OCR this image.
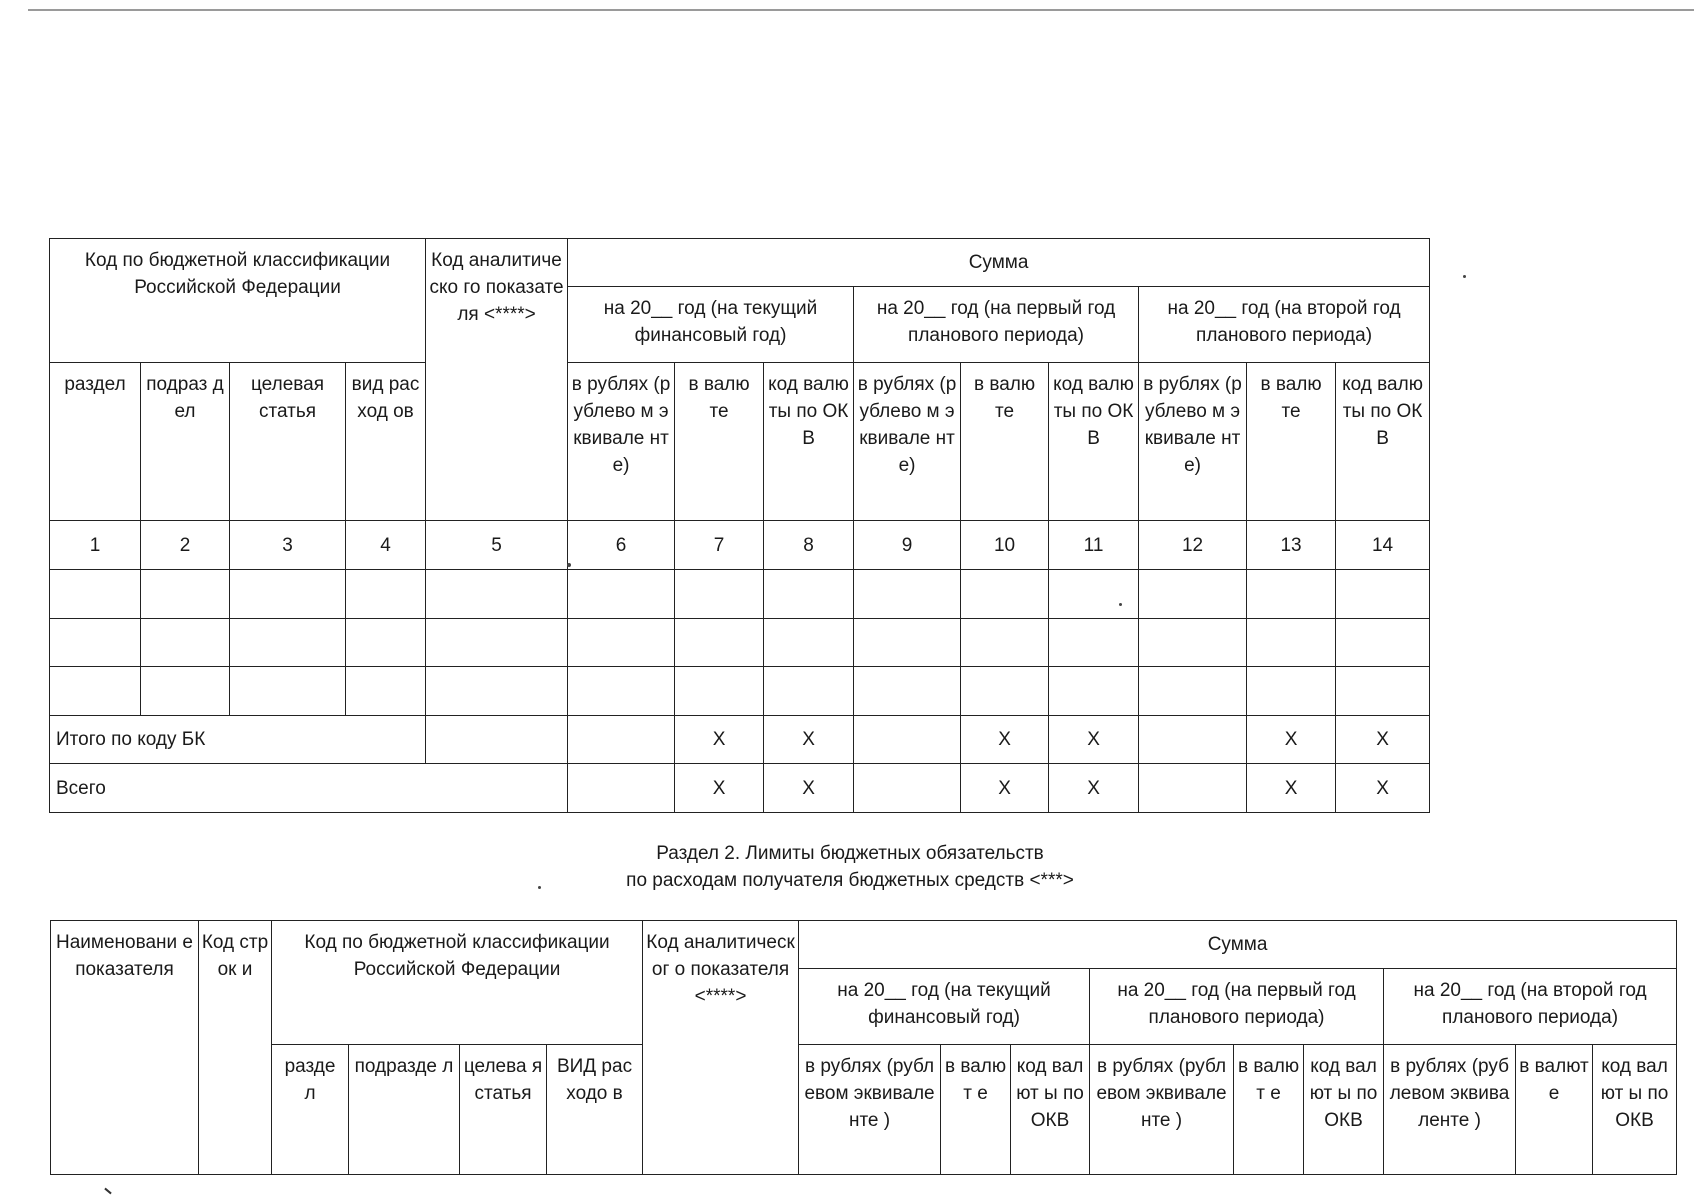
Код по бюджетной классификации Российской Федерации				Код аналитическо го показателя <****>	Сумма								
					на 20__ год (на текущий финансовый год)			на 20__ год (на первый год планового периода)			на 20__ год (на второй год планового периода)		
раздел	подраз дел	целевая статья	вид расход ов		в рублях (рублево м эквивале нте)	в валюте	код валюты по ОКВ	в рублях (рублево м эквивале нте)	в валюте	код валюты по ОКВ	в рублях (рублево м эквивале нте)	в валюте	код валюты по ОКВ
1	2	3	4	5	6	7	8	9	10	11	12	13	14

Итого по коду БК						X	X		X	X		X	X
Всего						X	X		X	X		X	X
Раздел 2. Лимиты бюджетных обязательств
по расходам получателя бюджетных средств <***>
Наименовани е показателя	Код строк и	Код по бюджетной классификации Российской Федерации				Код аналитическог о показателя <****>	Сумма								
							на 20__ год (на текущий финансовый год)			на 20__ год (на первый год планового периода)			на 20__ год (на второй год планового периода)		
		разде л	подразде л	целева я статья	ВИД расходо в		в рублях (рублевом эквиваленте )	в валют е	код валют ы по ОКВ	в рублях (рублевом эквиваленте )	в валют е	код валют ы по ОКВ	в рублях (рублевом эквиваленте )	в валют е	код валют ы по ОКВ
